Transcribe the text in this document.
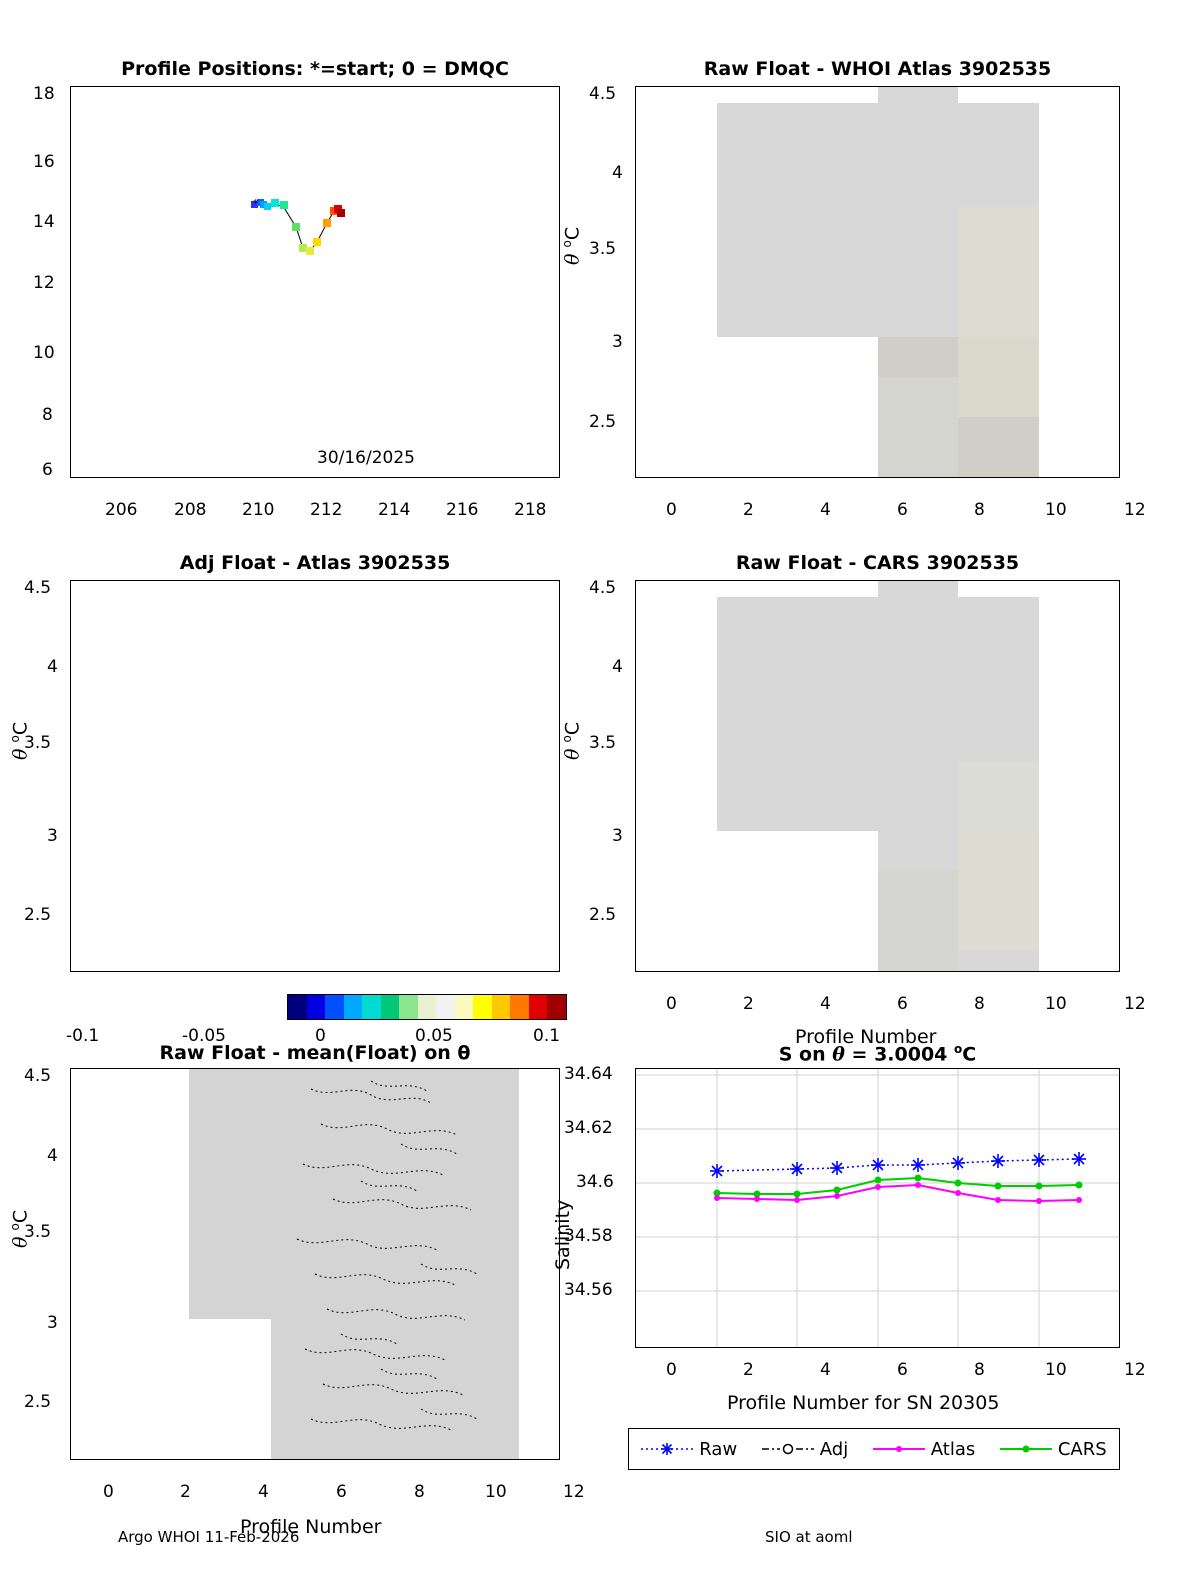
Profile Positions: *=start; 0 = DMQC
*
30/16/2025
206 208 210 212 214 216 218
6
8
10
12
14
16
18
Raw Float - WHOI Atlas 3902535
θ $^o$C
0	2	4	6	8	10	12
2.5
3
3.5
4
4.5
Adj Float - Atlas 3902535
θ $^o$C
2.5
3
3.5
4
4.5
Raw Float - CARS 3902535
θ $^o$C
0	2	4	6	8	10	12
2.5
3
3.5
4
4.5
Profile Number
-0.1	-0.05	0	0.05	0.1
Raw Float - mean(Float) on θ
θ $^o$C
2.5
3
3.5
4
4.5
0	2	4	6	8	10	12
Profile Number
S on θ = 3.0004 $^o$C
Salinity
34.56
34.58
34.6
34.62
34.64
0	2	4	6	8	10	12
Profile Number for SN 20305
Raw	Adj	Atlas	CARS
Argo WHOI 11-Feb-2026	SIO at aoml
